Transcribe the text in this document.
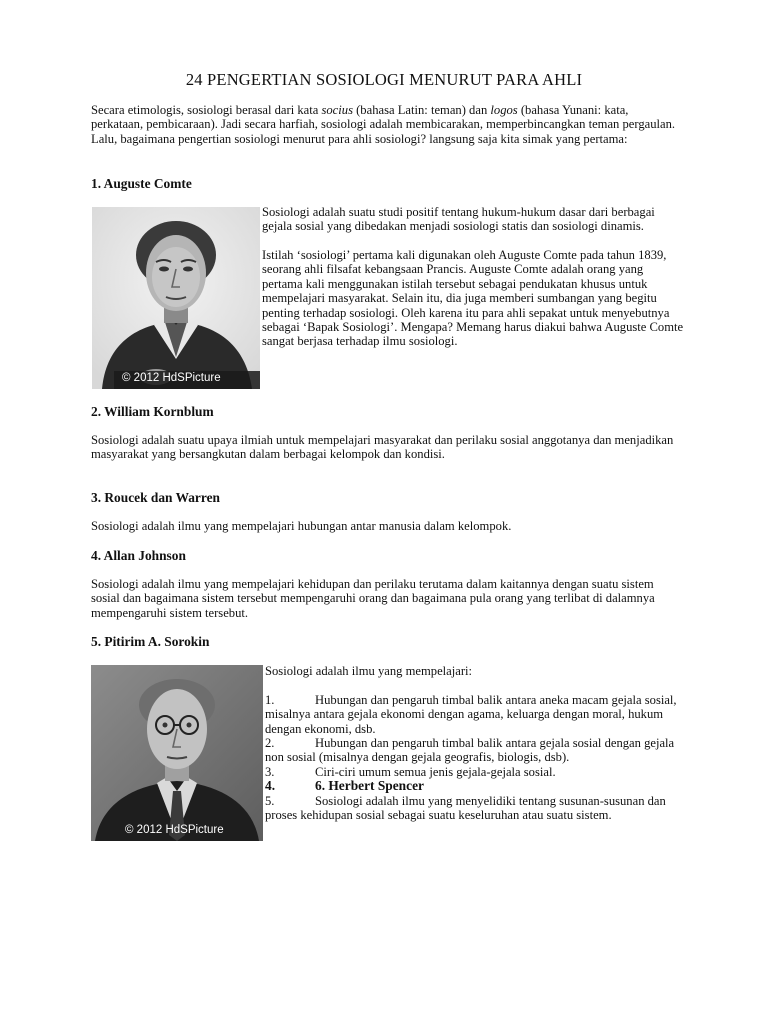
24 PENGERTIAN SOSIOLOGI MENURUT PARA AHLI

Secara etimologis, sosiologi berasal dari kata socius (bahasa Latin: teman) dan logos (bahasa Yunani: kata, perkataan, pembicaraan). Jadi secara harfiah, sosiologi adalah membicarakan, memperbincangkan teman pergaulan. Lalu, bagaimana pengertian sosiologi menurut para ahli sosiologi? langsung saja kita simak yang pertama:

1. Auguste Comte
© 2012 HdSPicture

Sosiologi adalah suatu studi positif tentang hukum-hukum dasar dari berbagai gejala sosial yang dibedakan menjadi sosiologi statis dan sosiologi dinamis.

Istilah ‘sosiologi’ pertama kali digunakan oleh Auguste Comte pada tahun 1839, seorang ahli filsafat kebangsaan Prancis. Auguste Comte adalah orang yang pertama kali menggunakan istilah tersebut sebagai pendukatan khusus untuk mempelajari masyarakat. Selain itu, dia juga memberi sumbangan yang begitu penting terhadap sosiologi. Oleh karena itu para ahli sepakat untuk menyebutnya sebagai ‘Bapak Sosiologi’. Mengapa? Memang harus diakui bahwa Auguste Comte sangat berjasa terhadap ilmu sosiologi.

2. William Kornblum

Sosiologi adalah suatu upaya ilmiah untuk mempelajari masyarakat dan perilaku sosial anggotanya dan menjadikan masyarakat yang bersangkutan dalam berbagai kelompok dan kondisi.

3. Roucek dan Warren

Sosiologi adalah ilmu yang mempelajari hubungan antar manusia dalam kelompok.

4. Allan Johnson

Sosiologi adalah ilmu yang mempelajari kehidupan dan perilaku terutama dalam kaitannya dengan suatu sistem sosial dan bagaimana sistem tersebut mempengaruhi orang dan bagaimana pula orang yang terlibat di dalamnya mempengaruhi sistem tersebut.

5. Pitirim A. Sorokin
© 2012 HdSPicture
Sosiologi adalah ilmu yang mempelajari:
1.	Hubungan dan pengaruh timbal balik antara aneka macam gejala sosial, misalnya antara gejala ekonomi dengan agama, keluarga dengan moral, hukum dengan ekonomi, dsb.
2.	Hubungan dan pengaruh timbal balik antara gejala sosial dengan gejala non sosial (misalnya dengan gejala geografis, biologis, dsb).
3.	Ciri-ciri umum semua jenis gejala-gejala sosial.
4.	6. Herbert Spencer
5.	Sosiologi adalah ilmu yang menyelidiki tentang susunan-susunan dan proses kehidupan sosial sebagai suatu keseluruhan atau suatu sistem.
